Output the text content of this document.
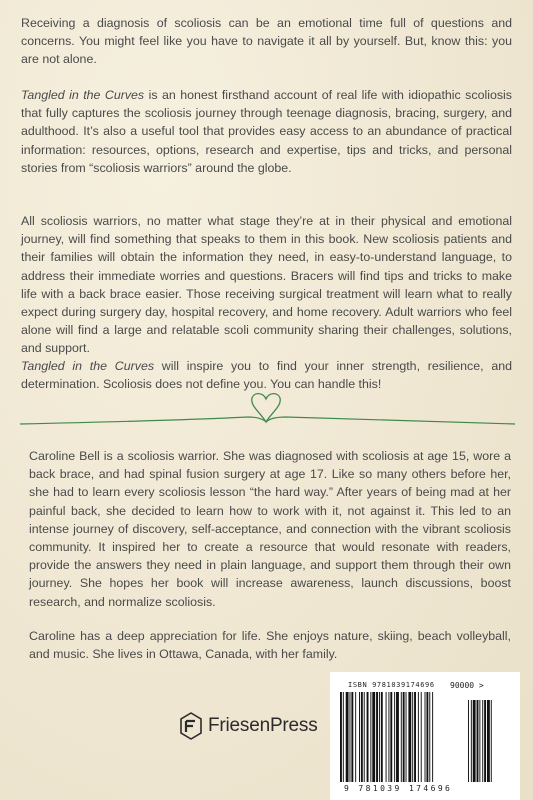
Receiving a diagnosis of scoliosis can be an emotional time full of questions and concerns. You might feel like you have to navigate it all by yourself. But, know this: you are not alone.

Tangled in the Curves is an honest firsthand account of real life with idiopathic scoliosis that fully captures the scoliosis journey through teenage diagnosis, bracing, surgery, and adulthood. It’s also a useful tool that provides easy access to an abundance of practical information: resources, options, research and expertise, tips and tricks, and personal stories from “scoliosis warriors” around the globe.

All scoliosis warriors, no matter what stage they’re at in their physical and emotional journey, will find something that speaks to them in this book. New scoliosis patients and their families will obtain the information they need, in easy-to-understand language, to address their immediate worries and questions. Bracers will find tips and tricks to make life with a back brace easier. Those receiving surgical treatment will learn what to really expect during surgery day, hospital recovery, and home recovery. Adult warriors who feel alone will find a large and relatable scoli community sharing their challenges, solutions, and support.

Tangled in the Curves will inspire you to find your inner strength, resilience, and determination. Scoliosis does not define you. You can handle this!

Caroline Bell is a scoliosis warrior. She was diagnosed with scoliosis at age 15, wore a back brace, and had spinal fusion surgery at age 17. Like so many others before her, she had to learn every scoliosis lesson “the hard way.” After years of being mad at her painful back, she decided to learn how to work with it, not against it. This led to an intense journey of discovery, self-acceptance, and connection with the vibrant scoliosis community. It inspired her to create a resource that would resonate with readers, provide the answers they need in plain language, and support them through their own journey. She hopes her book will increase awareness, launch discussions, boost research, and normalize scoliosis.

Caroline has a deep appreciation for life. She enjoys nature, skiing, beach volleyball, and music. She lives in Ottawa, Canada, with her family.

FriesenPress
ISBN 9781039174696 90000 >
9 781039 174696
